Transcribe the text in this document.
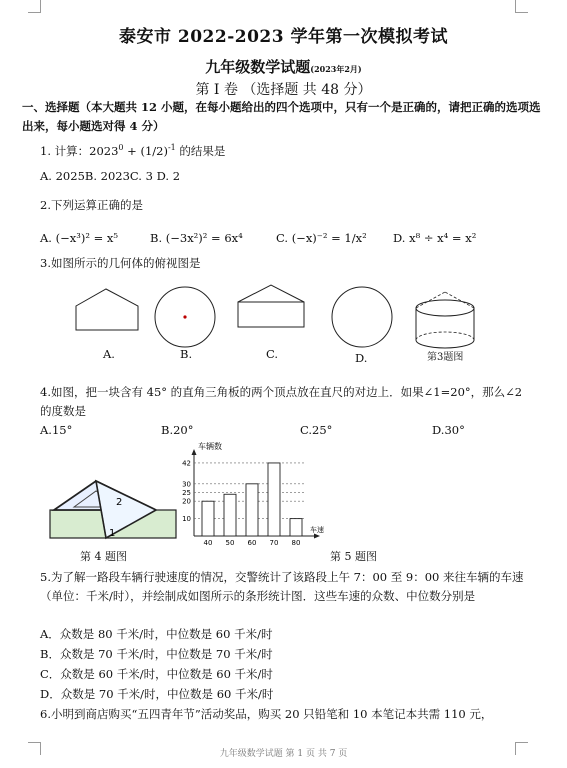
泰安市 2022-2023 学年第一次模拟考试
九年级数学试题(2023年2月)
第 I 卷 （选择题 共 48 分）
一、选择题（本大题共 12 小题，在每小题给出的四个选项中，只有一个是正确的，请把正确的选项选出来，每小题选对得 4 分）
1. 计算：$2023^0 + (1/2)^{-1}$ 的结果是
A. 2025B. 2023C. 3 D. 2
2.下列运算正确的是
A. (−x³)² = x⁵	B. (−3x²)² = 6x⁴	C. (−x)⁻² = 1/x² D. x⁸ ÷ x⁴ = x²
3.如图所示的几何体的俯视图是
A.	B.	C.	D.	第3题图
4.如图，把一块含有 45° 的直角三角板的两个顶点放在直尺的对边上．如果∠1=20°，那么∠2 的度数是
A.15°	B.20°	C.25°	D.30°
2
1
第 4 题图
车辆数
车速
10
20
25
30
42
40 50 60 70 80
第 5 题图
5.为了解一路段车辆行驶速度的情况，交警统计了该路段上午 7：00 至 9：00 来往车辆的车速（单位：千米/时），并绘制成如图所示的条形统计图．这些车速的众数、中位数分别是
A．众数是 80 千米/时，中位数是 60 千米/时
B．众数是 70 千米/时，中位数是 70 千米/时
C．众数是 60 千米/时，中位数是 60 千米/时
D．众数是 70 千米/时，中位数是 60 千米/时
6.小明到商店购买“五四青年节”活动奖品，购买 20 只铅笔和 10 本笔记本共需 110 元，
九年级数学试题 第 1 页 共 7 页
